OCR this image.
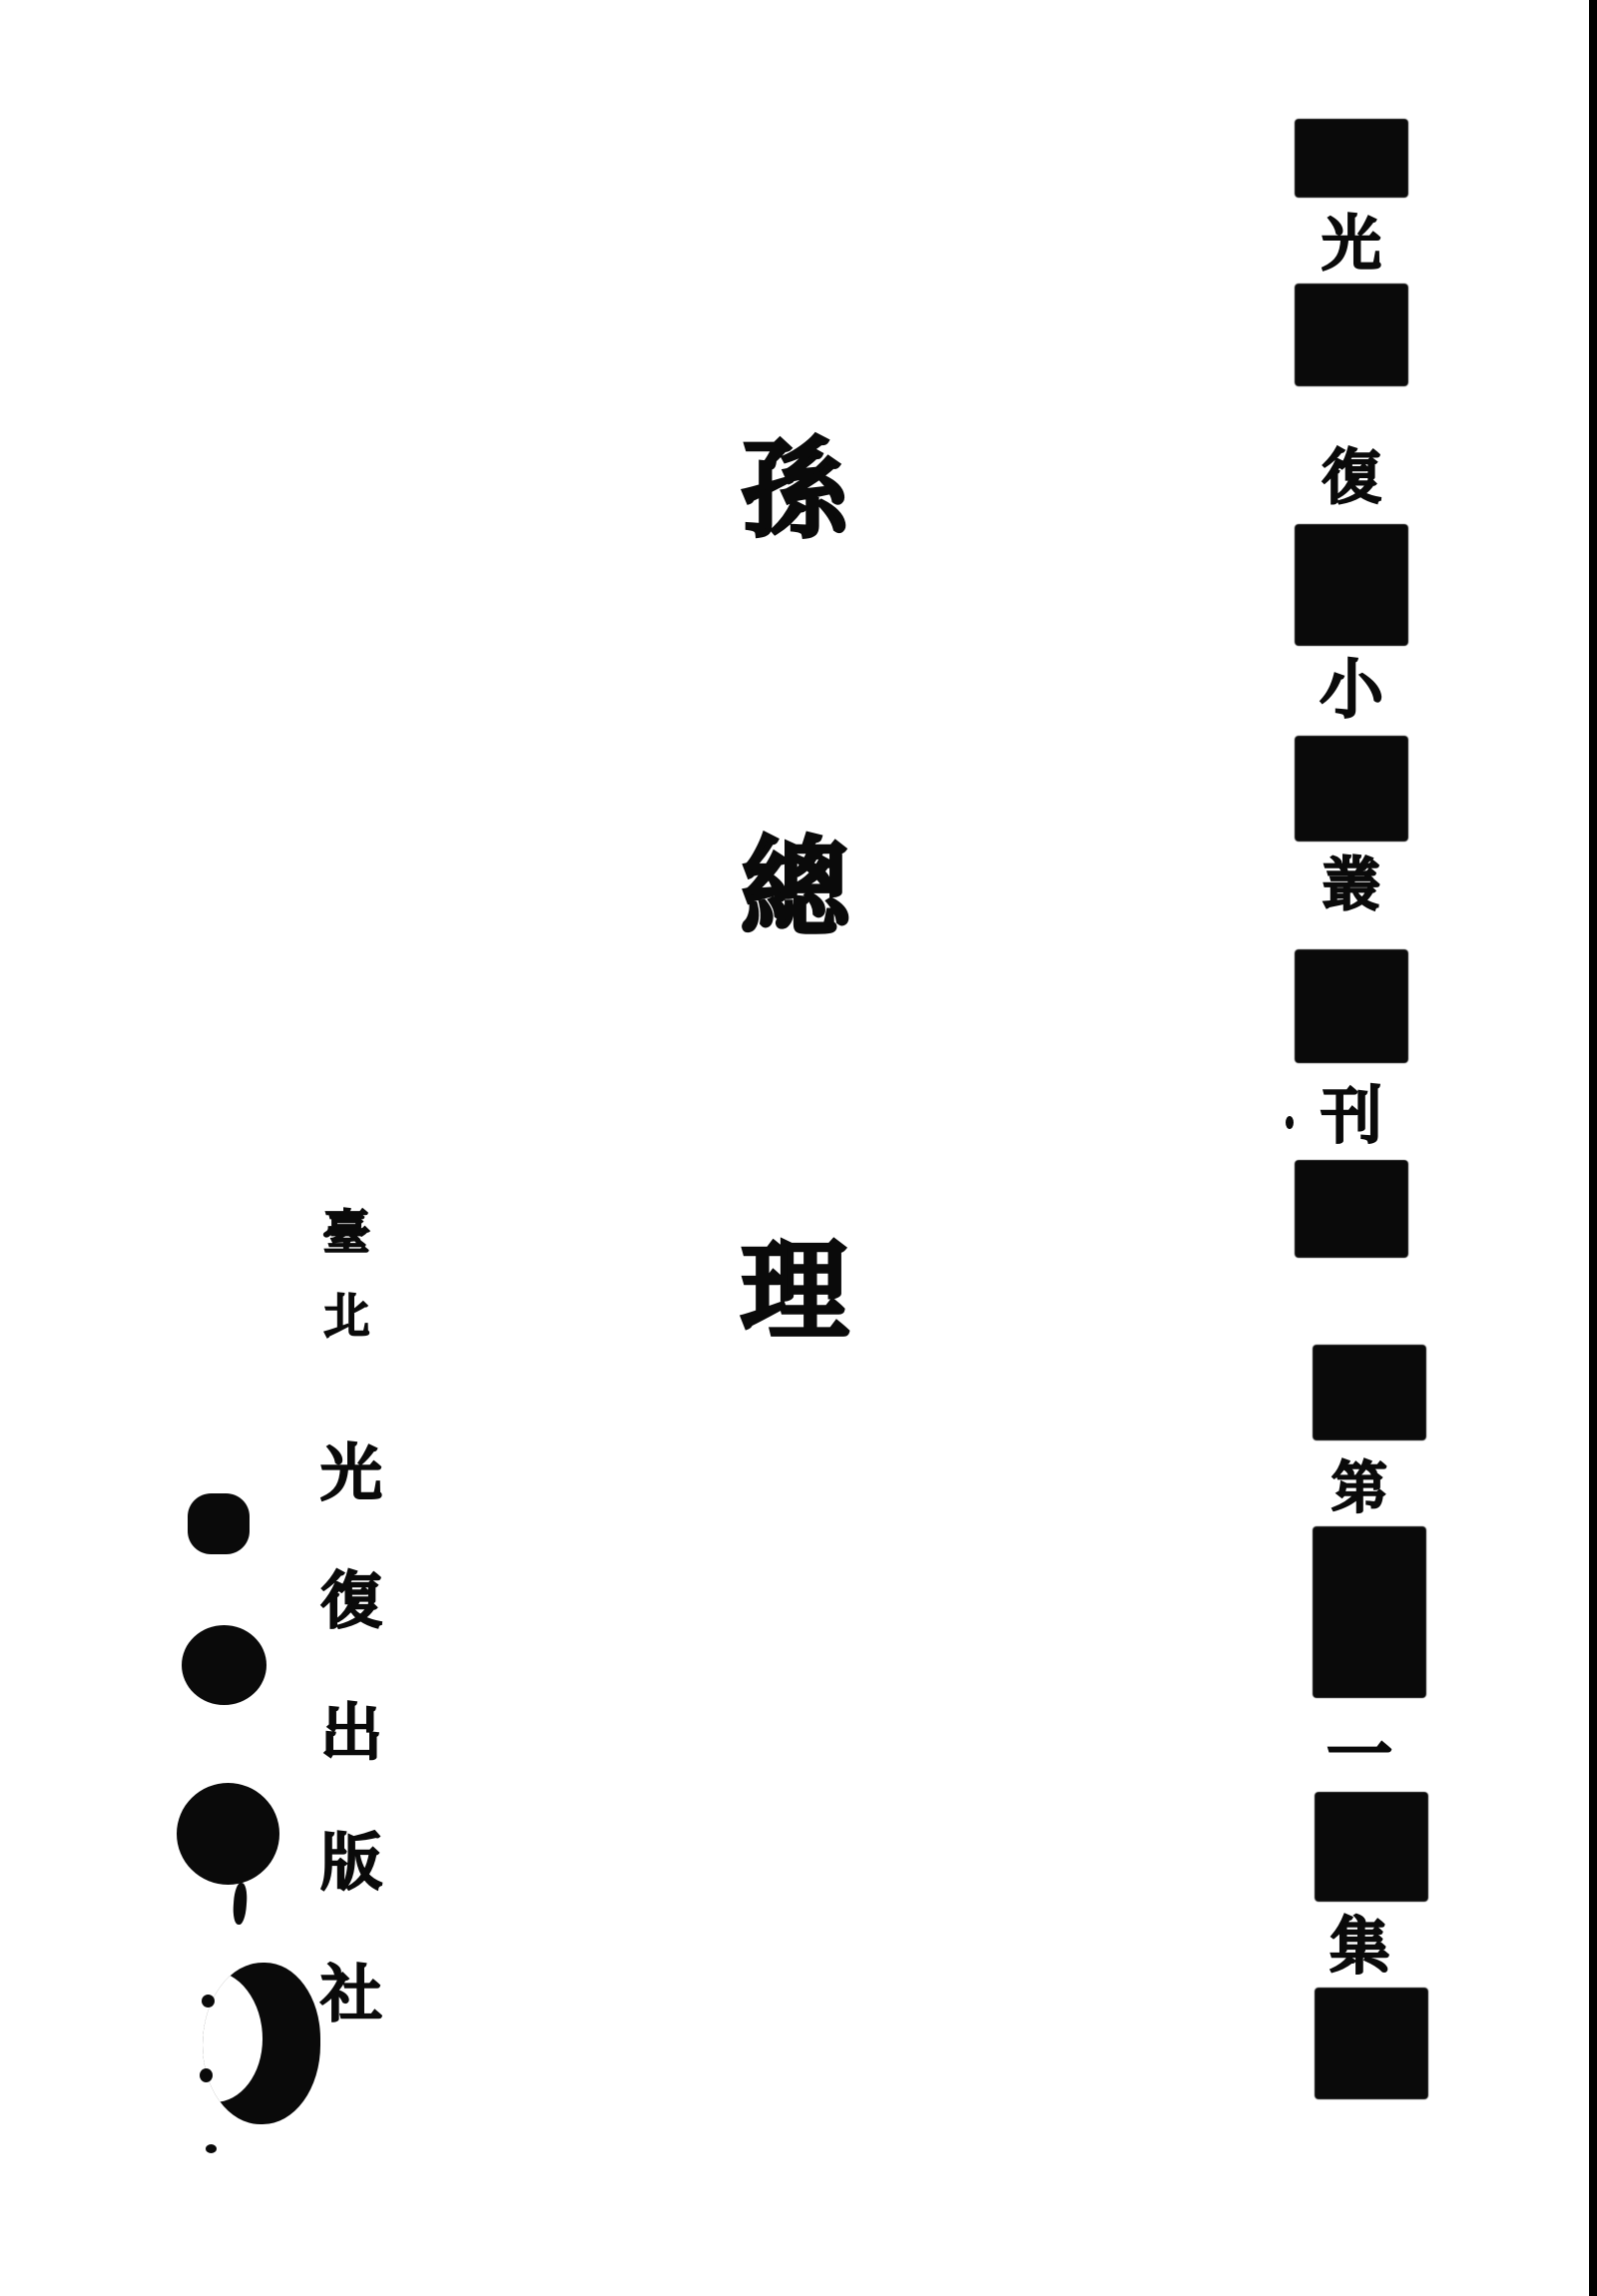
光
復
小
叢
刊
第
一
集
孫
總
理
臺
北
光
復
出
版
社
